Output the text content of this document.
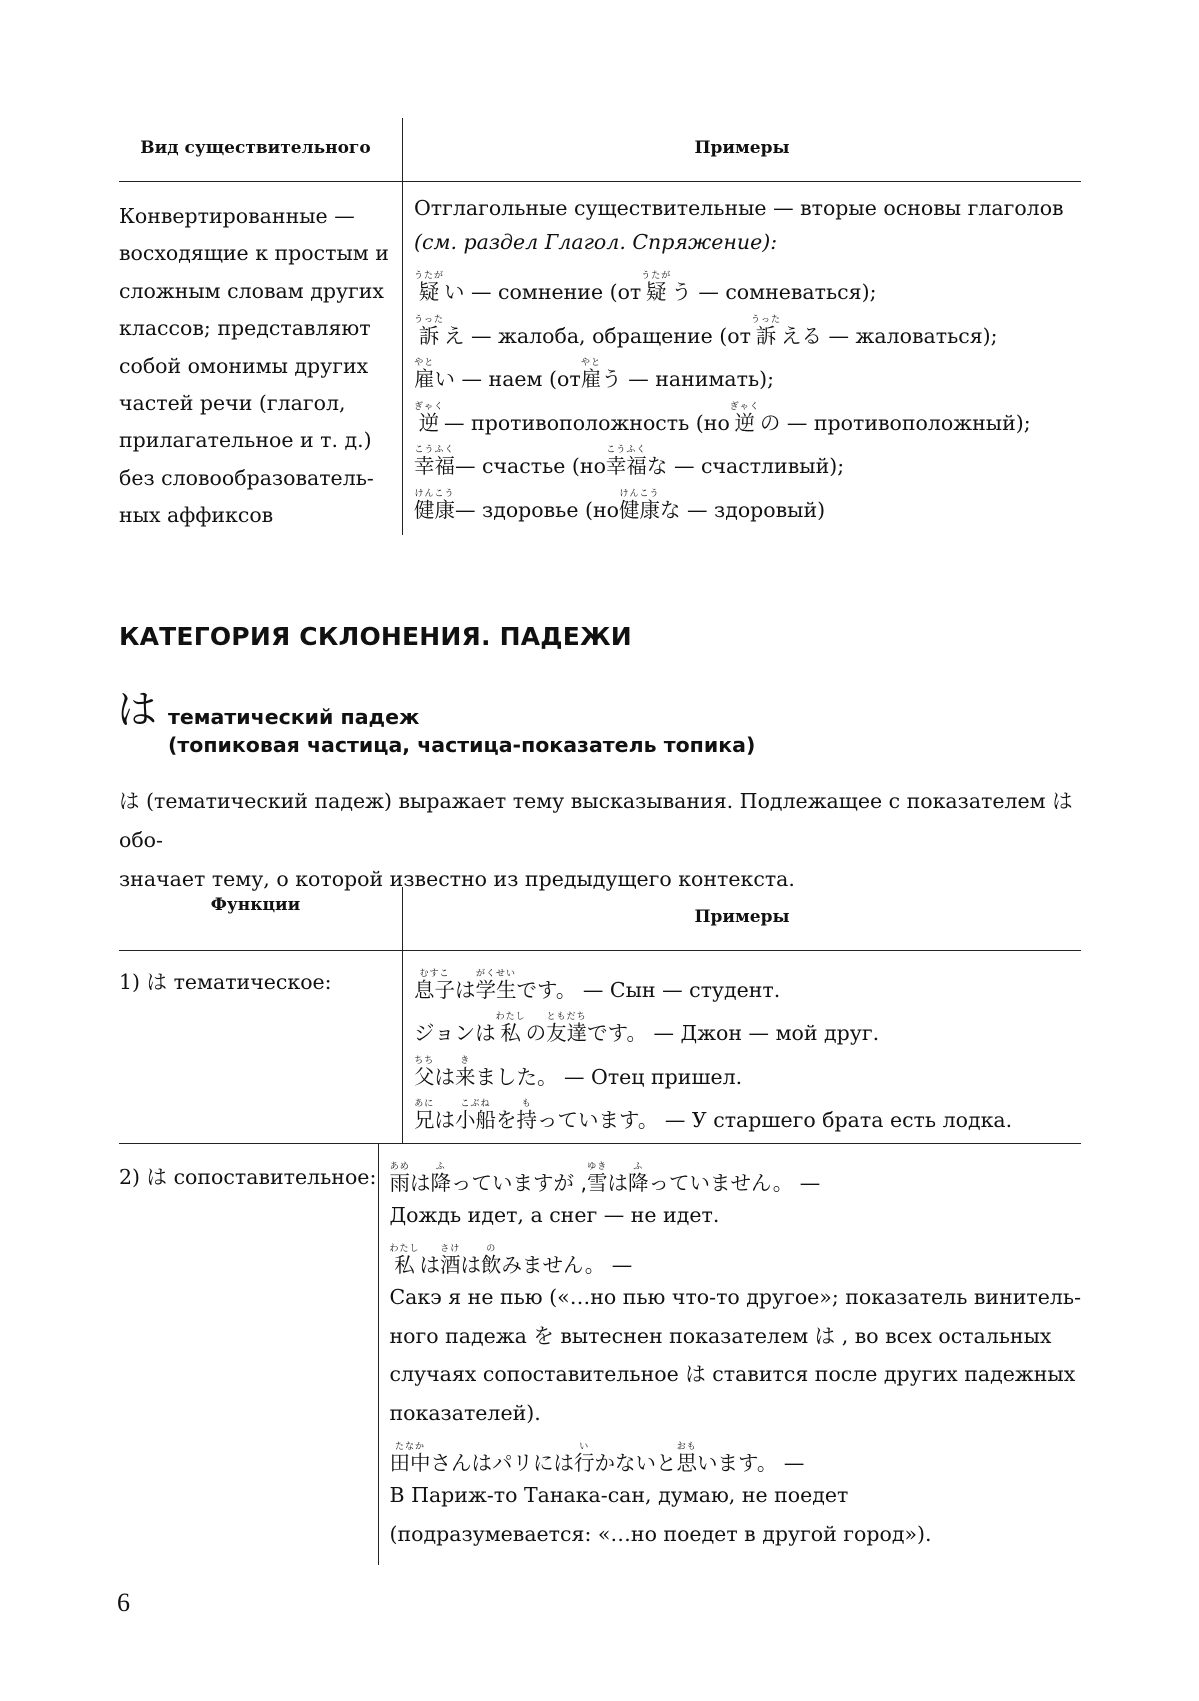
Вид существительного	Примеры
Конвертированные —
восходящие к простым и
сложным словам других
классов; представляют
собой омонимы других
частей речи (глагол,
прилагательное и т. д.)
без словообразователь-
ных аффиксов
Отглагольные существительные — вторые основы глаголов
(см. раздел Глагол. Спряжение):
疑うたが
い — сомнение (от 疑うたが
う — сомневаться);
訴うった
え — жалоба, обращение (от 訴うった
える — жаловаться);
雇やと
い — наем (от 雇やと
う — нанимать);
逆ぎゃく
— противоположность (но 逆ぎゃく
の — противоположный);
幸福こうふく
— счастье (но 幸福こうふく
な — счастливый);
健康けんこう
— здоровье (но 健康けんこう
な — здоровый)
КАТЕГОРИЯ СКЛОНЕНИЯ. ПАДЕЖИ
は тематический падеж
(топиковая частица, частица-показатель топика)
は (тематический падеж) выражает тему высказывания. Подлежащее с показателем は обо-
значает тему, о которой известно из предыдущего контекста.
Функции
Примеры
1) は тематическое:	息子むすこ
は 学生がくせい
です。 — Сын — студент.
ジョンは 私わたし
の 友達ともだち
です。 — Джон — мой друг.
父ちち
は 来き
ました。 — Отец пришел.
兄あに
は 小船こぶね
を 持も
っています。 — У старшего брата есть лодка.
2) は сопоставительное: 雨あめ
は 降ふ
っていますが , 雪ゆき
は 降ふ
っていません。 —
Дождь идет, а снег — не идет.
私わたし
は 酒さけ
は 飲の
みません。 —
Сакэ я не пью («…но пью что-то другое»; показатель винитель-
ного падежа を вытеснен показателем は , во всех остальных
случаях сопоставительное は ставится после других падежных
показателей).
田中たなか
さんはパリには 行い
かないと 思おも
います。 —
В Париж-то Танака-сан, думаю, не поедет
(подразумевается: «…но поедет в другой город»).
6
